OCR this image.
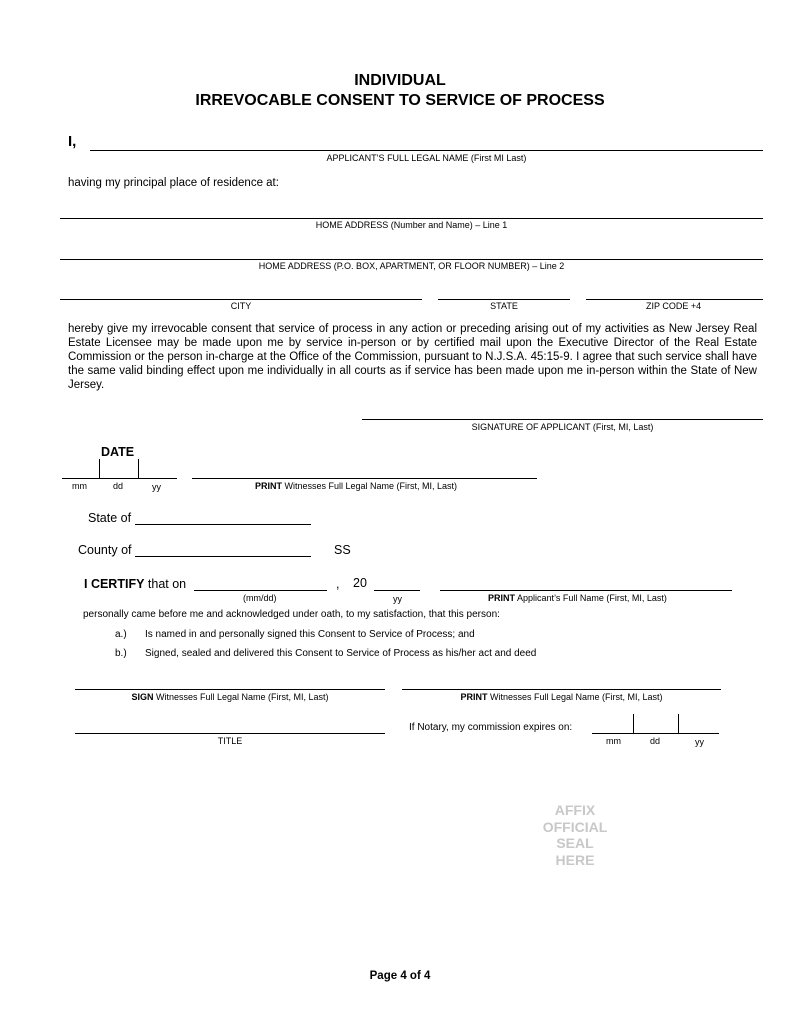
INDIVIDUAL
IRREVOCABLE CONSENT TO SERVICE OF PROCESS
I,
APPLICANT’S FULL LEGAL NAME (First MI Last)
having my principal place of residence at:
HOME ADDRESS (Number and Name) – Line 1
HOME ADDRESS (P.O. BOX, APARTMENT, OR FLOOR NUMBER) – Line 2
CITY	STATE	ZIP CODE +4
hereby give my irrevocable consent that service of process in any action or preceding arising out of my activities as New Jersey Real Estate Licensee may be made upon me by service in-person or by certified mail upon the Executive Director of the Real Estate Commission or the person in-charge at the Office of the Commission, pursuant to N.J.S.A. 45:15-9. I agree that such service shall have the same valid binding effect upon me individually in all courts as if service has been made upon me in-person within the State of New Jersey.
SIGNATURE OF APPLICANT (First, MI, Last)
DATE
mm	dd	yy	PRINT Witnesses Full Legal Name (First, MI, Last)
State of
County of	SS
I CERTIFY that on	, 20
(mm/dd)	yy	PRINT Applicant’s Full Name (First, MI, Last)
personally came before me and acknowledged under oath, to my satisfaction, that this person:
a.) Is named in and personally signed this Consent to Service of Process; and
b.) Signed, sealed and delivered this Consent to Service of Process as his/her act and deed
SIGN Witnesses Full Legal Name (First, MI, Last)	PRINT Witnesses Full Legal Name (First, MI, Last)
TITLE
If Notary, my commission expires on:
mm	dd	yy
AFFIX
OFFICIAL
SEAL
HERE
Page 4 of 4
